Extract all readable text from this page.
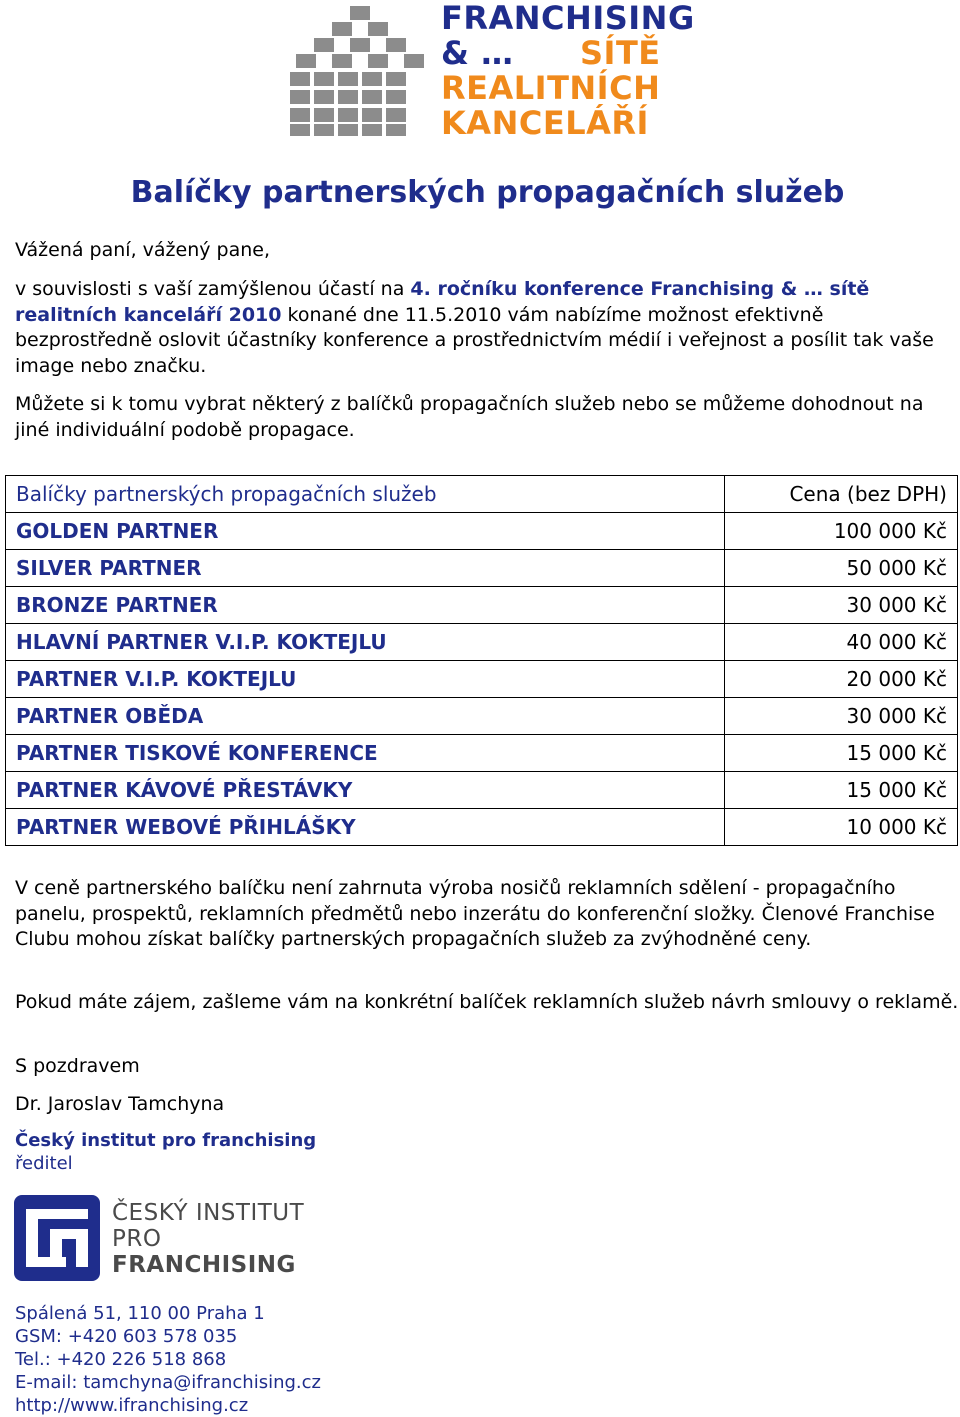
FRANCHISING
& … SÍTĚ
REALITNÍCH
KANCELÁŘÍ
Balíčky partnerských propagačních služeb
Vážená paní, vážený pane,
v souvislosti s vaší zamýšlenou účastí na 4. ročníku konference Franchising & … sítě realitních kanceláří 2010 konané dne 11.5.2010 vám nabízíme možnost efektivně bezprostředně oslovit účastníky konference a prostřednictvím médií i veřejnost a posílit tak vaše image nebo značku.
Můžete si k tomu vybrat některý z balíčků propagačních služeb nebo se můžeme dohodnout na jiné individuální podobě propagace.
Balíčky partnerských propagačních služeb	Cena (bez DPH)
GOLDEN PARTNER	100 000 Kč
SILVER PARTNER	50 000 Kč
BRONZE PARTNER	30 000 Kč
HLAVNÍ PARTNER V.I.P. KOKTEJLU	40 000 Kč
PARTNER V.I.P. KOKTEJLU	20 000 Kč
PARTNER OBĚDA	30 000 Kč
PARTNER TISKOVÉ KONFERENCE	15 000 Kč
PARTNER KÁVOVÉ PŘESTÁVKY	15 000 Kč
PARTNER WEBOVÉ PŘIHLÁŠKY	10 000 Kč
V ceně partnerského balíčku není zahrnuta výroba nosičů reklamních sdělení - propagačního panelu, prospektů, reklamních předmětů nebo inzerátu do konferenční složky. Členové Franchise Clubu mohou získat balíčky partnerských propagačních služeb za zvýhodněné ceny.
Pokud máte zájem, zašleme vám na konkrétní balíček reklamních služeb návrh smlouvy o reklamě.
S pozdravem
Dr. Jaroslav Tamchyna
Český institut pro franchising
ředitel
ČESKÝ INSTITUT
PRO
FRANCHISING
Spálená 51, 110 00 Praha 1
GSM: +420 603 578 035
Tel.: +420 226 518 868
E-mail: tamchyna@ifranchising.cz
http://www.ifranchising.cz
